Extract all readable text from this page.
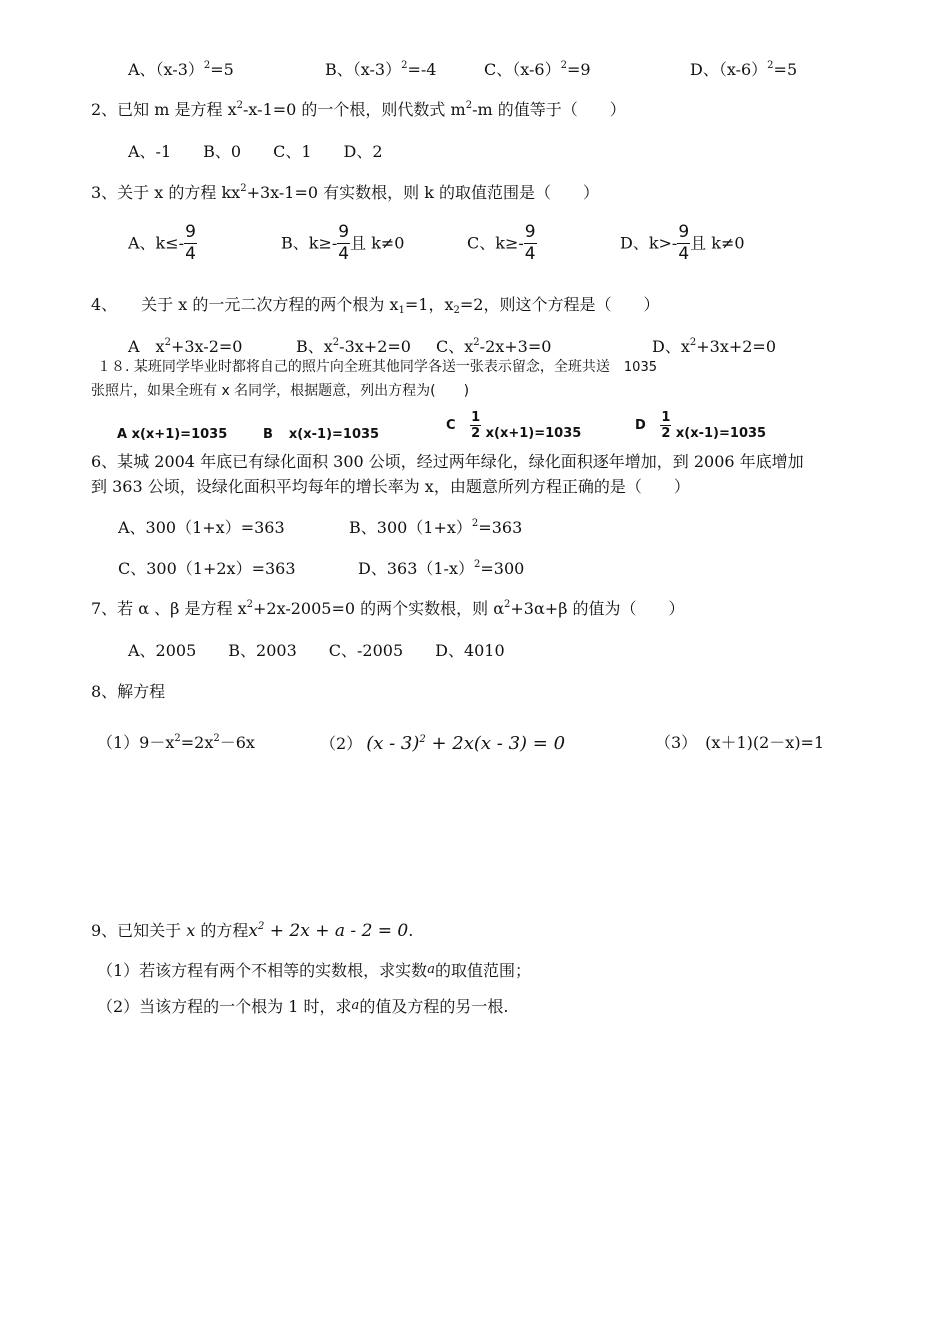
A、$(x-3)^2=5$	B、$(x-3)^2=-4$	C、$(x-6)^2=9$	D、$(x-6)^2=5$
2、已知 m 是方程 $x^2-x-1=0$ 的一个根，则代数式 $m^2-m$ 的值等于（　　）
A、-1　　B、0　　C、1　　D、2
3、关于 x 的方程 $kx^2+3x-1=0$ 有实数根，则 k 的取值范围是（　　）
A、$k\le- \frac{9}{4}$	B、$k\ge- \frac{9}{4}$ 且 k≠0	C、$k\ge- \frac{9}{4}$	D、$k>- \frac{9}{4}$ 且 k≠0
4、　　关于 x 的一元二次方程的两个根为 $x_1=1$，$x_2=2$，则这个方程是（　　）
A　$x^2+3x-2=0$	B、$x^2-3x+2=0$ C、$x^2-2x+3=0$	D、$x^2+3x+2=0$
１８. 某班同学毕业时都将自己的照片向全班其他同学各送一张表示留念，全班共送 1035
张照片，如果全班有 x 名同学，根据题意，列出方程为(　　)
A x(x+1)=1035	B x(x-1)=1035
C $\frac{1}{2} x(x+1)=1035$
D $\frac{1}{2} x(x-1)=1035$
6、某城 2004 年底已有绿化面积 300 公顷，经过两年绿化，绿化面积逐年增加，到 2006 年底增加
到 363 公顷，设绿化面积平均每年的增长率为 x，由题意所列方程正确的是（　　）
A、300（1+x）=363	B、$300(1+x)^2=363$
C、300（1+2x）=363	D、$363(1-x)^2=300$
7、若 α 、β 是方程 $x^2+2x-2005=0$ 的两个实数根，则 $\alpha^2+3\alpha+\beta$ 的值为（　　）
A、2005　　B、2003　　C、-2005　　D、4010
8、解方程
$(1)9-x^2=2x^2-6x$	（2） (x - 3)$^2$ + 2x(x - 3) = 0	（3）　(x＋1)(2－x)=1
9、已知关于 x 的方程$x^2 + 2x + a - 2 = 0$.
（1）若该方程有两个不相等的实数根，求实数a的取值范围；
（2）当该方程的一个根为 1 时，求a的值及方程的另一根.
